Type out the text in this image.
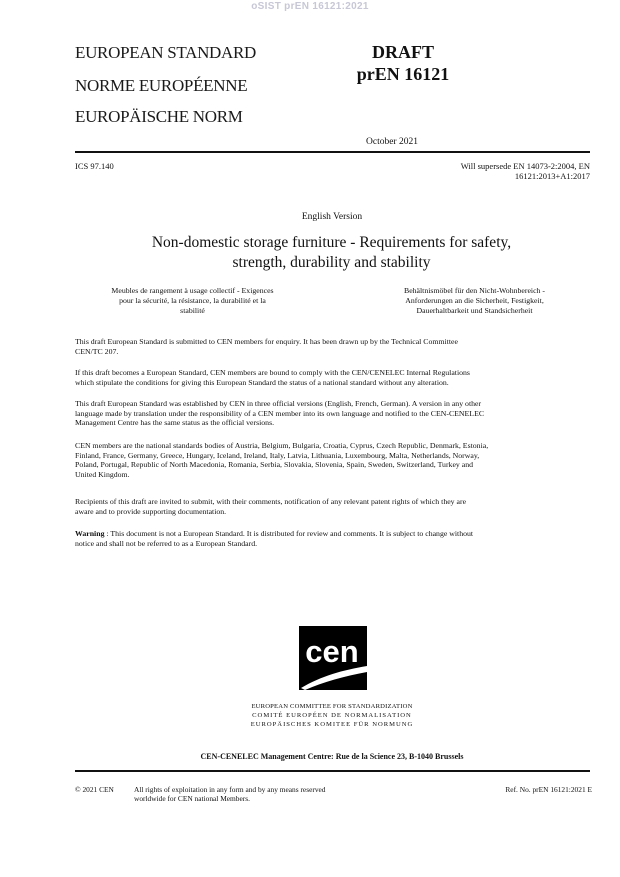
oSIST prEN 16121:2021
EUROPEAN STANDARD
NORME EUROPÉENNE
EUROPÄISCHE NORM
DRAFT
prEN 16121
October 2021
ICS 97.140	Will supersede EN 14073-2:2004, EN
16121:2013+A1:2017
English Version
Non-domestic storage furniture - Requirements for safety,
strength, durability and stability
Meubles de rangement à usage collectif - Exigences
pour la sécurité, la résistance, la durabilité et la
stabilité
Behältnismöbel für den Nicht-Wohnbereich -
Anforderungen an die Sicherheit, Festigkeit,
Dauerhaltbarkeit und Standsicherheit
This draft European Standard is submitted to CEN members for enquiry. It has been drawn up by the Technical Committee
CEN/TC 207.
If this draft becomes a European Standard, CEN members are bound to comply with the CEN/CENELEC Internal Regulations
which stipulate the conditions for giving this European Standard the status of a national standard without any alteration.
This draft European Standard was established by CEN in three official versions (English, French, German). A version in any other
language made by translation under the responsibility of a CEN member into its own language and notified to the CEN-CENELEC
Management Centre has the same status as the official versions.
CEN members are the national standards bodies of Austria, Belgium, Bulgaria, Croatia, Cyprus, Czech Republic, Denmark, Estonia,
Finland, France, Germany, Greece, Hungary, Iceland, Ireland, Italy, Latvia, Lithuania, Luxembourg, Malta, Netherlands, Norway,
Poland, Portugal, Republic of North Macedonia, Romania, Serbia, Slovakia, Slovenia, Spain, Sweden, Switzerland, Turkey and
United Kingdom.
Recipients of this draft are invited to submit, with their comments, notification of any relevant patent rights of which they are
aware and to provide supporting documentation.
Warning : This document is not a European Standard. It is distributed for review and comments. It is subject to change without
notice and shall not be referred to as a European Standard.
cen
EUROPEAN COMMITTEE FOR STANDARDIZATION
COMITÉ EUROPÉEN DE NORMALISATION
EUROPÄISCHES KOMITEE FÜR NORMUNG
CEN-CENELEC Management Centre: Rue de la Science 23, B-1040 Brussels
© 2021 CEN	All rights of exploitation in any form and by any means reserved
worldwide for CEN national Members.
Ref. No. prEN 16121:2021 E
